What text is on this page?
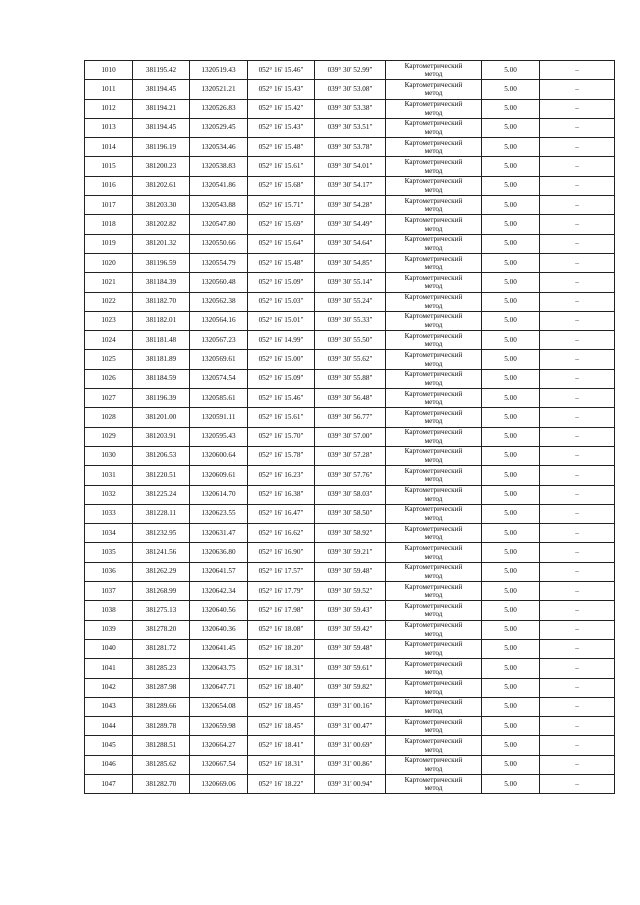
1010	381195.42	1320519.43	052° 16' 15.46"	039° 30' 52.99"	Картометрический
метод	5.00	–
1011	381194.45	1320521.21	052° 16' 15.43"	039° 30' 53.08"	Картометрический
метод	5.00	–
1012	381194.21	1320526.83	052° 16' 15.42"	039° 30' 53.38"	Картометрический
метод	5.00	–
1013	381194.45	1320529.45	052° 16' 15.43"	039° 30' 53.51"	Картометрический
метод	5.00	–
1014	381196.19	1320534.46	052° 16' 15.48"	039° 30' 53.78"	Картометрический
метод	5.00	–
1015	381200.23	1320538.83	052° 16' 15.61"	039° 30' 54.01"	Картометрический
метод	5.00	–
1016	381202.61	1320541.86	052° 16' 15.68"	039° 30' 54.17"	Картометрический
метод	5.00	–
1017	381203.30	1320543.88	052° 16' 15.71"	039° 30' 54.28"	Картометрический
метод	5.00	–
1018	381202.82	1320547.80	052° 16' 15.69"	039° 30' 54.49"	Картометрический
метод	5.00	–
1019	381201.32	1320550.66	052° 16' 15.64"	039° 30' 54.64"	Картометрический
метод	5.00	–
1020	381196.59	1320554.79	052° 16' 15.48"	039° 30' 54.85"	Картометрический
метод	5.00	–
1021	381184.39	1320560.48	052° 16' 15.09"	039° 30' 55.14"	Картометрический
метод	5.00	–
1022	381182.70	1320562.38	052° 16' 15.03"	039° 30' 55.24"	Картометрический
метод	5.00	–
1023	381182.01	1320564.16	052° 16' 15.01"	039° 30' 55.33"	Картометрический
метод	5.00	–
1024	381181.48	1320567.23	052° 16' 14.99"	039° 30' 55.50"	Картометрический
метод	5.00	–
1025	381181.89	1320569.61	052° 16' 15.00"	039° 30' 55.62"	Картометрический
метод	5.00	–
1026	381184.59	1320574.54	052° 16' 15.09"	039° 30' 55.88"	Картометрический
метод	5.00	–
1027	381196.39	1320585.61	052° 16' 15.46"	039° 30' 56.48"	Картометрический
метод	5.00	–
1028	381201.00	1320591.11	052° 16' 15.61"	039° 30' 56.77"	Картометрический
метод	5.00	–
1029	381203.91	1320595.43	052° 16' 15.70"	039° 30' 57.00"	Картометрический
метод	5.00	–
1030	381206.53	1320600.64	052° 16' 15.78"	039° 30' 57.28"	Картометрический
метод	5.00	–
1031	381220.51	1320609.61	052° 16' 16.23"	039° 30' 57.76"	Картометрический
метод	5.00	–
1032	381225.24	1320614.70	052° 16' 16.38"	039° 30' 58.03"	Картометрический
метод	5.00	–
1033	381228.11	1320623.55	052° 16' 16.47"	039° 30' 58.50"	Картометрический
метод	5.00	–
1034	381232.95	1320631.47	052° 16' 16.62"	039° 30' 58.92"	Картометрический
метод	5.00	–
1035	381241.56	1320636.80	052° 16' 16.90"	039° 30' 59.21"	Картометрический
метод	5.00	–
1036	381262.29	1320641.57	052° 16' 17.57"	039° 30' 59.48"	Картометрический
метод	5.00	–
1037	381268.99	1320642.34	052° 16' 17.79"	039° 30' 59.52"	Картометрический
метод	5.00	–
1038	381275.13	1320640.56	052° 16' 17.98"	039° 30' 59.43"	Картометрический
метод	5.00	–
1039	381278.20	1320640.36	052° 16' 18.08"	039° 30' 59.42"	Картометрический
метод	5.00	–
1040	381281.72	1320641.45	052° 16' 18.20"	039° 30' 59.48"	Картометрический
метод	5.00	–
1041	381285.23	1320643.75	052° 16' 18.31"	039° 30' 59.61"	Картометрический
метод	5.00	–
1042	381287.98	1320647.71	052° 16' 18.40"	039° 30' 59.82"	Картометрический
метод	5.00	–
1043	381289.66	1320654.08	052° 16' 18.45"	039° 31' 00.16"	Картометрический
метод	5.00	–
1044	381289.78	1320659.98	052° 16' 18.45"	039° 31' 00.47"	Картометрический
метод	5.00	–
1045	381288.51	1320664.27	052° 16' 18.41"	039° 31' 00.69"	Картометрический
метод	5.00	–
1046	381285.62	1320667.54	052° 16' 18.31"	039° 31' 00.86"	Картометрический
метод	5.00	–
1047	381282.70	1320669.06	052° 16' 18.22"	039° 31' 00.94"	Картометрический
метод	5.00	–
